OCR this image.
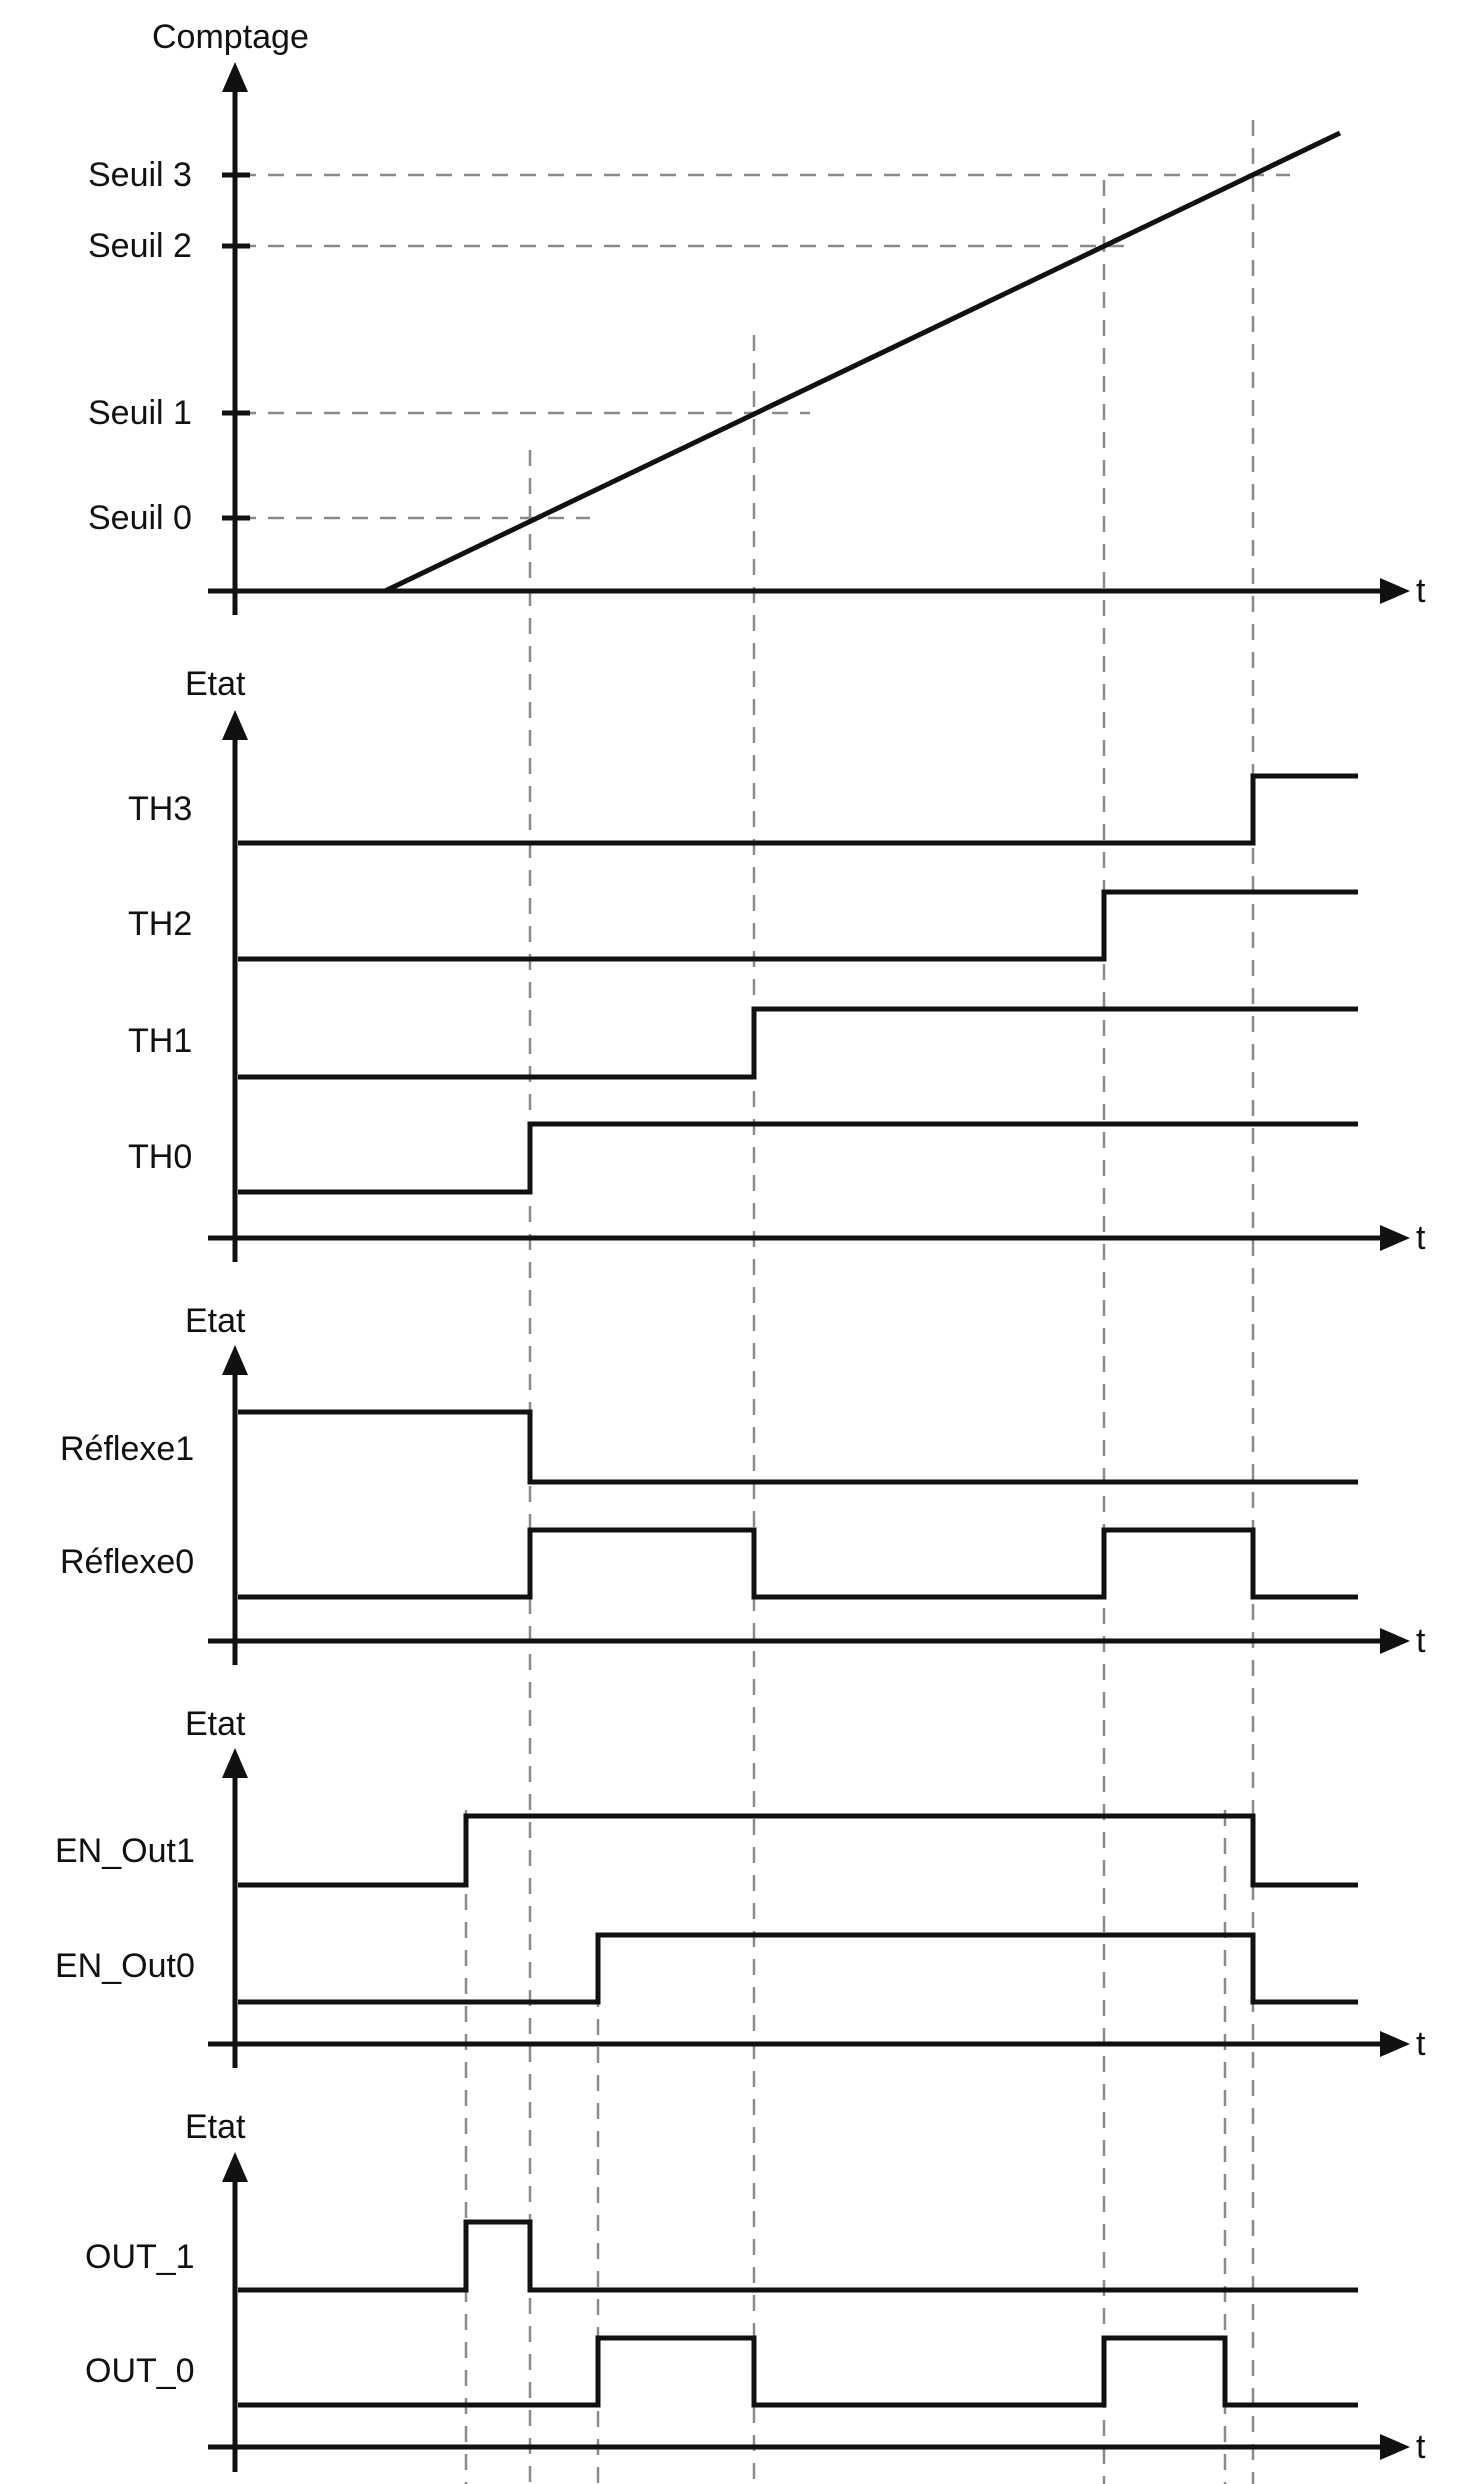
Comptage
t
Seuil 3
Seuil 2
Seuil 1
Seuil 0
Etat
t
TH3
TH2
TH1
TH0
Etat
t
Réflexe1
Réflexe0
Etat
t
EN_Out1
EN_Out0
Etat
t
OUT_1
OUT_0
